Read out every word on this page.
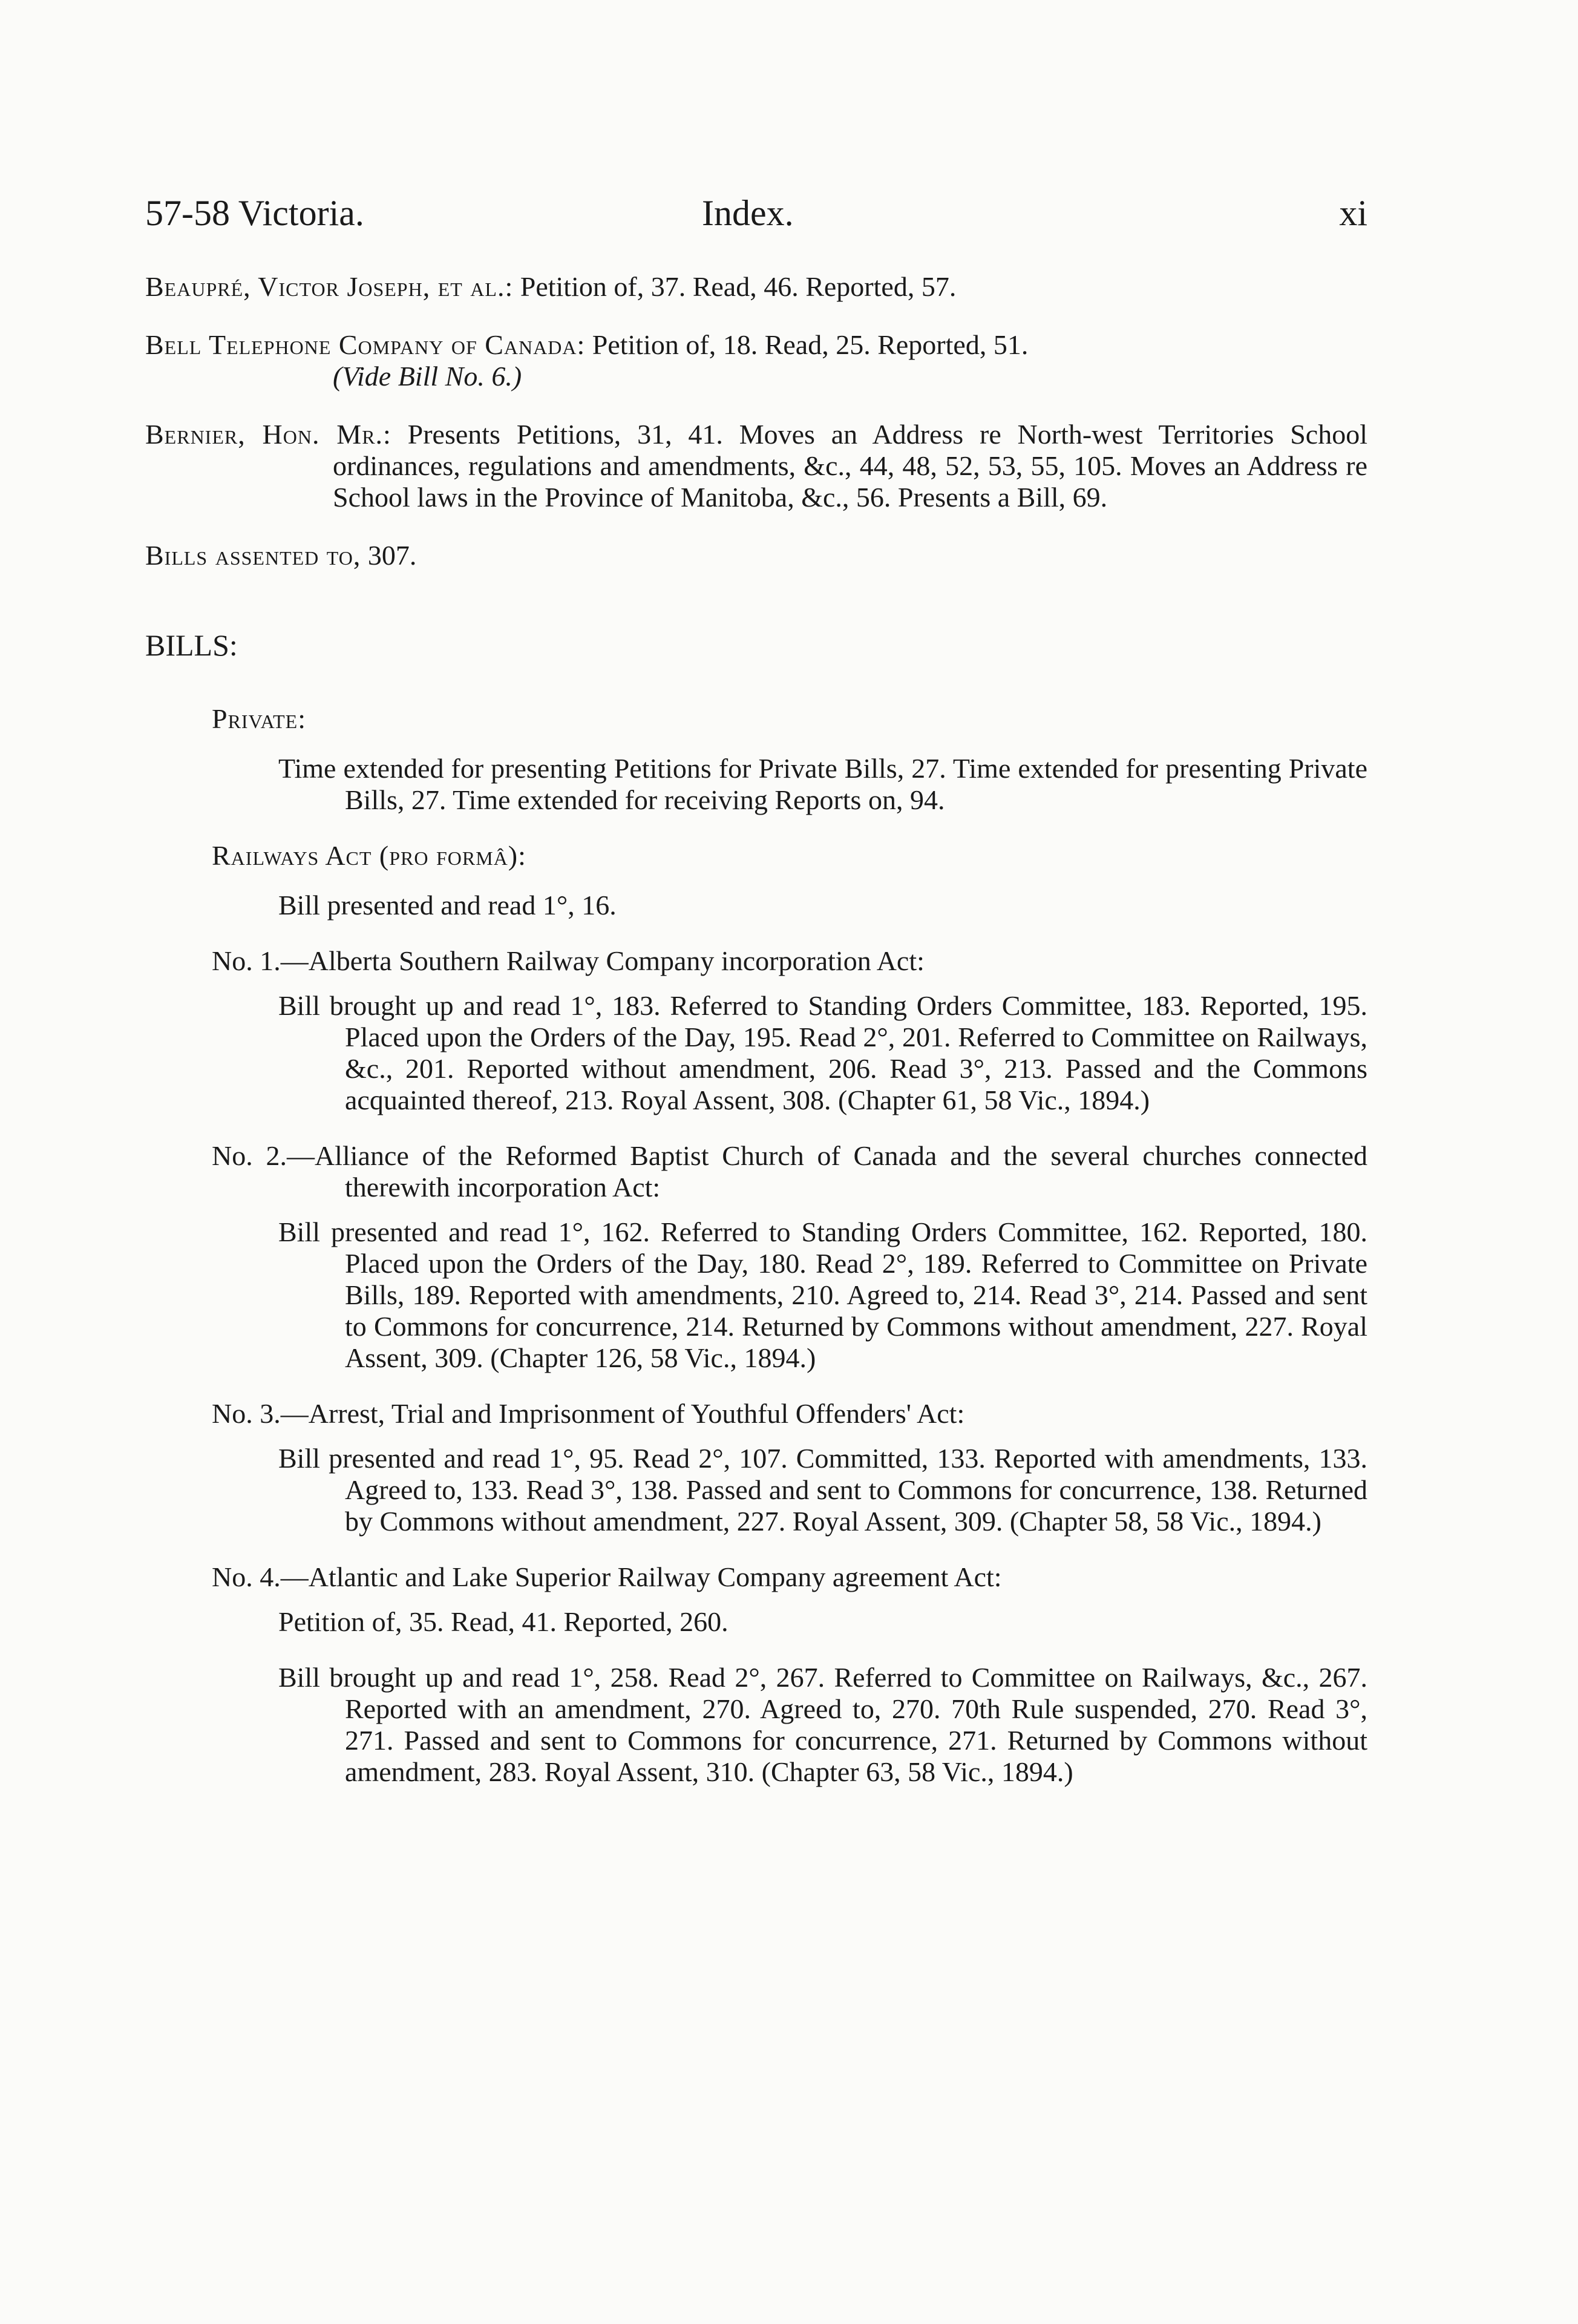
57-58 Victoria.	Index.	xi

Beaupré, Victor Joseph, et al.: Petition of, 37. Read, 46. Reported, 57.

Bell Telephone Company of Canada: Petition of, 18. Read, 25. Reported, 51.
(Vide Bill No. 6.)

Bernier, Hon. Mr.: Presents Petitions, 31, 41. Moves an Address re North-west Territories School ordinances, regulations and amendments, &c., 44, 48, 52, 53, 55, 105. Moves an Address re School laws in the Province of Manitoba, &c., 56. Presents a Bill, 69.

Bills assented to, 307.

BILLS:
Private:

Time extended for presenting Petitions for Private Bills, 27. Time extended for presenting Private Bills, 27. Time extended for receiving Reports on, 94.

Railways Act (pro formâ):

Bill presented and read 1°, 16.

No. 1.—Alberta Southern Railway Company incorporation Act:

Bill brought up and read 1°, 183. Referred to Standing Orders Committee, 183. Reported, 195. Placed upon the Orders of the Day, 195. Read 2°, 201. Referred to Committee on Railways, &c., 201. Reported without amendment, 206. Read 3°, 213. Passed and the Commons acquainted thereof, 213. Royal Assent, 308. (Chapter 61, 58 Vic., 1894.)

No. 2.—Alliance of the Reformed Baptist Church of Canada and the several churches connected therewith incorporation Act:

Bill presented and read 1°, 162. Referred to Standing Orders Committee, 162. Reported, 180. Placed upon the Orders of the Day, 180. Read 2°, 189. Referred to Committee on Private Bills, 189. Reported with amendments, 210. Agreed to, 214. Read 3°, 214. Passed and sent to Commons for concurrence, 214. Returned by Commons without amendment, 227. Royal Assent, 309. (Chapter 126, 58 Vic., 1894.)

No. 3.—Arrest, Trial and Imprisonment of Youthful Offenders' Act:

Bill presented and read 1°, 95. Read 2°, 107. Committed, 133. Reported with amendments, 133. Agreed to, 133. Read 3°, 138. Passed and sent to Commons for concurrence, 138. Returned by Commons without amendment, 227. Royal Assent, 309. (Chapter 58, 58 Vic., 1894.)

No. 4.—Atlantic and Lake Superior Railway Company agreement Act:

Petition of, 35. Read, 41. Reported, 260.

Bill brought up and read 1°, 258. Read 2°, 267. Referred to Committee on Railways, &c., 267. Reported with an amendment, 270. Agreed to, 270. 70th Rule suspended, 270. Read 3°, 271. Passed and sent to Commons for concurrence, 271. Returned by Commons without amendment, 283. Royal Assent, 310. (Chapter 63, 58 Vic., 1894.)
